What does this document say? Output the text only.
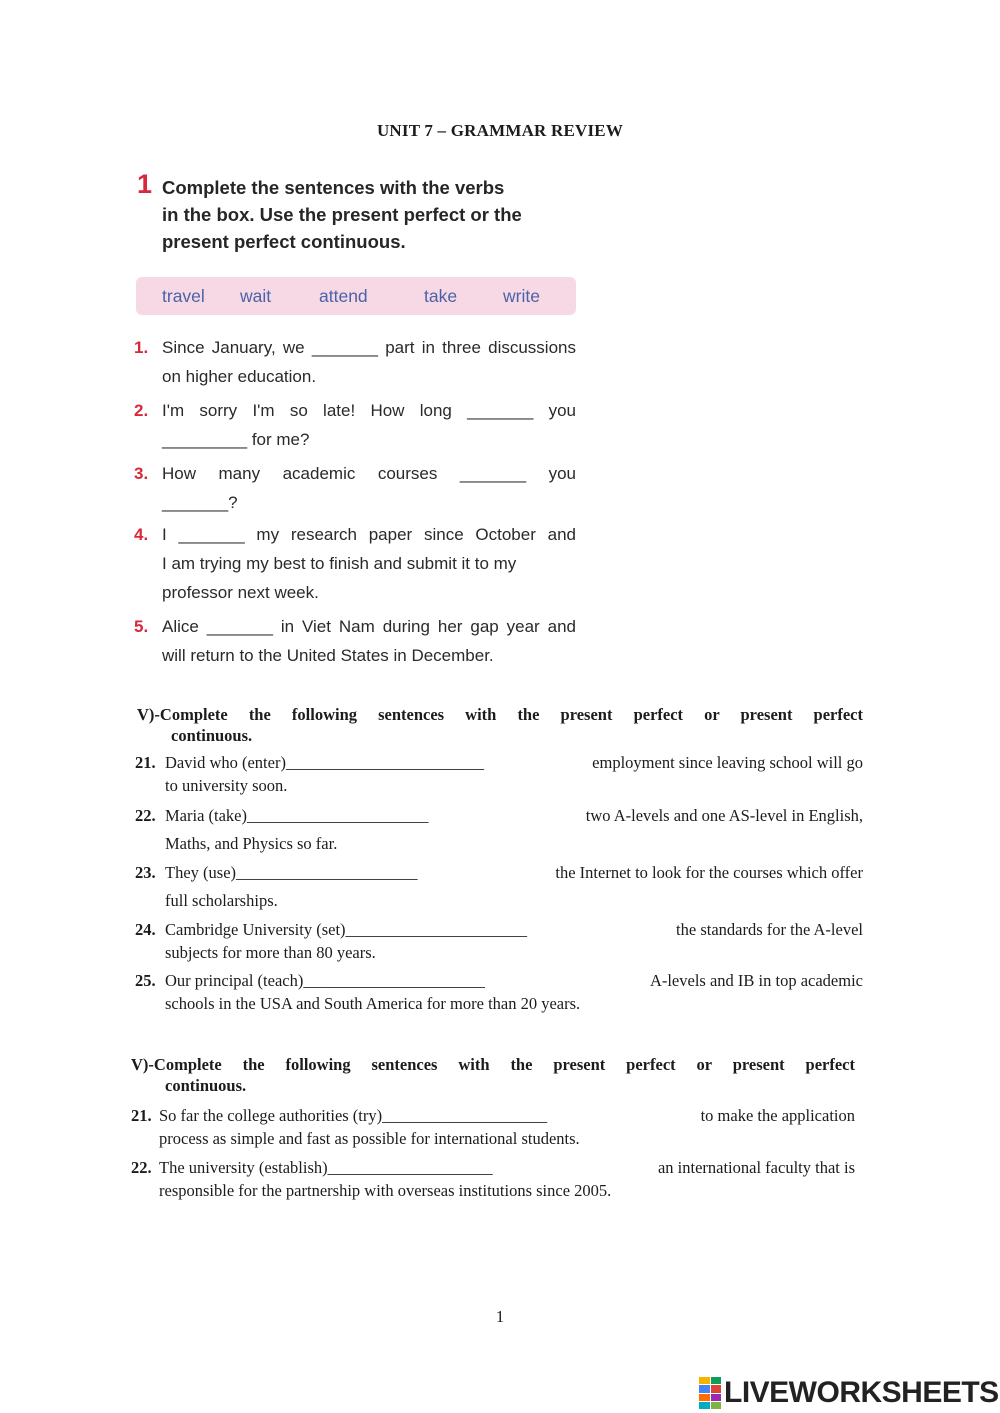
UNIT 7 – GRAMMAR REVIEW
1 Complete the sentences with the verbs
in the box. Use the present perfect or the
present perfect continuous.
travel wait	attend	take	write
1. Since January, we _______ part in three discussions
on higher education.
2. I'm sorry I'm so late! How long _______ you
_________ for me?
3. How many academic courses _______ you
_______?
4. I _______ my research paper since October and
I am trying my best to finish and submit it to my
professor next week.
5. Alice _______ in Viet Nam during her gap year and
will return to the United States in December.
V)-Complete the following sentences with the present perfect or present perfect
continuous.
21. David who (enter)________________________	employment since leaving school will go
to university soon.
22. Maria (take)______________________	two A-levels and one AS-level in English,
Maths, and Physics so far.
23. They (use)______________________	the Internet to look for the courses which offer
full scholarships.
24. Cambridge University (set)______________________	the standards for the A-level
subjects for more than 80 years.
25. Our principal (teach)______________________	A-levels and IB in top academic
schools in the USA and South America for more than 20 years.
V)-Complete the following sentences with the present perfect or present perfect
continuous.
21. So far the college authorities (try)____________________	to make the application
process as simple and fast as possible for international students.
22. The university (establish)____________________	an international faculty that is
responsible for the partnership with overseas institutions since 2005.
1
LIVEWORKSHEETS
